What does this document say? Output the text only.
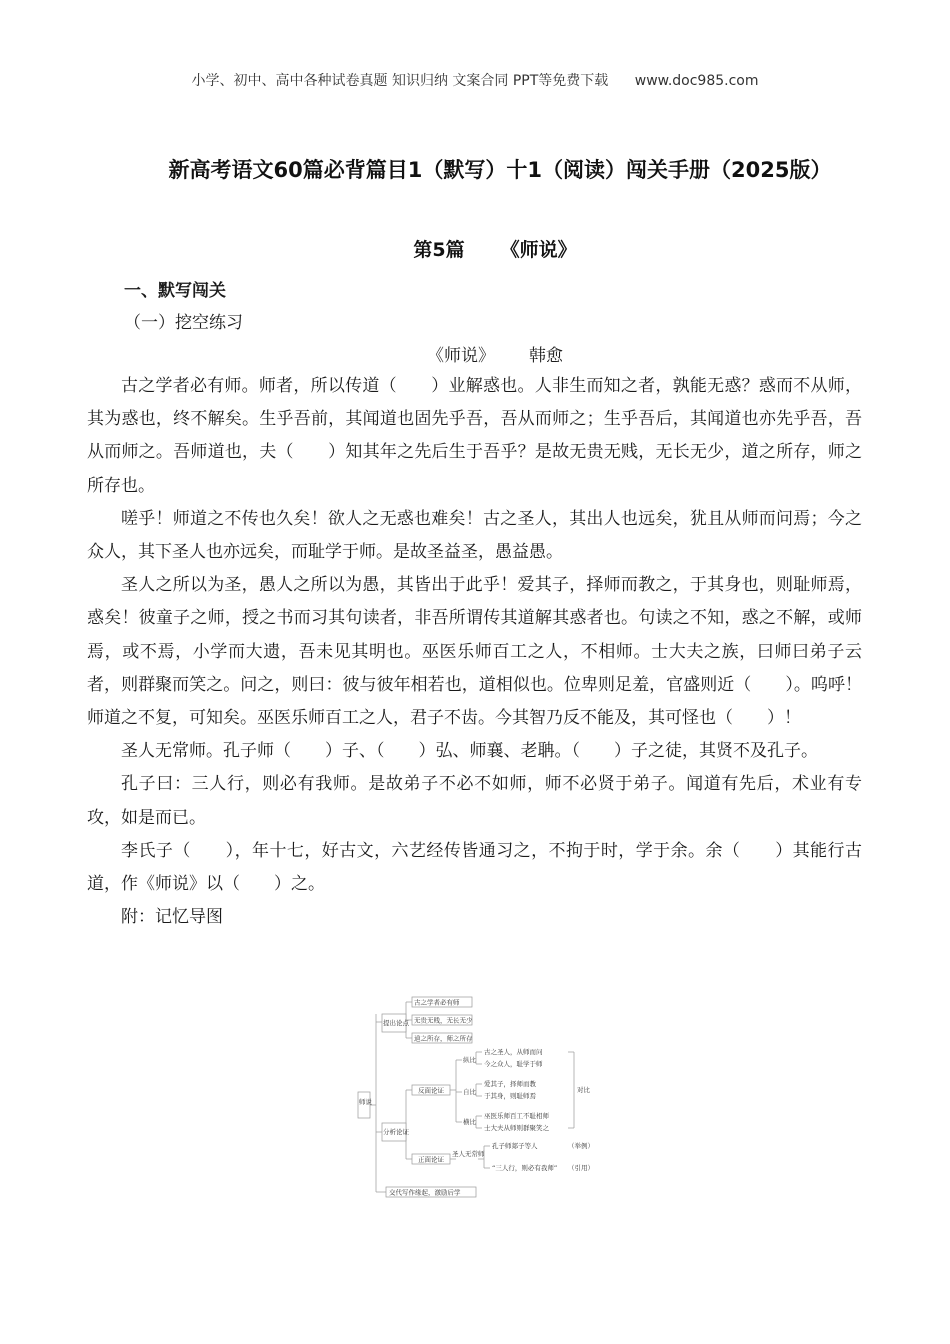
小学、初中、高中各种试卷真题 知识归纳 文案合同 PPT等免费下载 www.doc985.com
新高考语文60篇必背篇目1（默写）十1（阅读）闯关手册（2025版）
第5篇 《师说》
一、默写闯关
（一）挖空练习
《师说》 韩愈

古之学者必有师。师者，所以传道（　　）业解惑也。人非生而知之者，孰能无惑？惑而不从师，其为惑也，终不解矣。生乎吾前，其闻道也固先乎吾，吾从而师之；生乎吾后，其闻道也亦先乎吾，吾从而师之。吾师道也，夫（　　）知其年之先后生于吾乎？是故无贵无贱，无长无少，道之所存，师之所存也。

嗟乎！师道之不传也久矣！欲人之无惑也难矣！古之圣人，其出人也远矣，犹且从师而问焉；今之众人，其下圣人也亦远矣，而耻学于师。是故圣益圣，愚益愚。

圣人之所以为圣，愚人之所以为愚，其皆出于此乎！爱其子，择师而教之，于其身也，则耻师焉，惑矣！彼童子之师，授之书而习其句读者，非吾所谓传其道解其惑者也。句读之不知，惑之不解，或师焉，或不焉，小学而大遗，吾未见其明也。巫医乐师百工之人，不相师。士大夫之族，曰师曰弟子云者，则群聚而笑之。问之，则曰：彼与彼年相若也，道相似也。位卑则足羞，官盛则近（　　）。呜呼！师道之不复，可知矣。巫医乐师百工之人，君子不齿。今其智乃反不能及，其可怪也（　　）！

圣人无常师。孔子师（　　）子、（　　）弘、师襄、老聃。（　　）子之徒，其贤不及孔子。

孔子曰：三人行，则必有我师。是故弟子不必不如师，师不必贤于弟子。闻道有先后，术业有专攻，如是而已。

李氏子（　　），年十七，好古文，六艺经传皆通习之，不拘于时，学于余。余（　　）其能行古道，作《师说》以（　　）之。

附：记忆导图

师说
提出论点
古之学者必有师
无贵无贱，无长无少
道之所存，师之所存
分析论证
反面论证
纵比
古之圣人，从师而问
今之众人，耻学于师
自比
爱其子，择师而教
于其身，则耻师焉
横比
巫医乐师百工不耻相师
士大夫从师则群聚笑之
对比
正面论证
圣人无常师
孔子师郯子等人
“三人行，则必有我师”
（举例）
（引用）
交代写作缘起，激励后学
